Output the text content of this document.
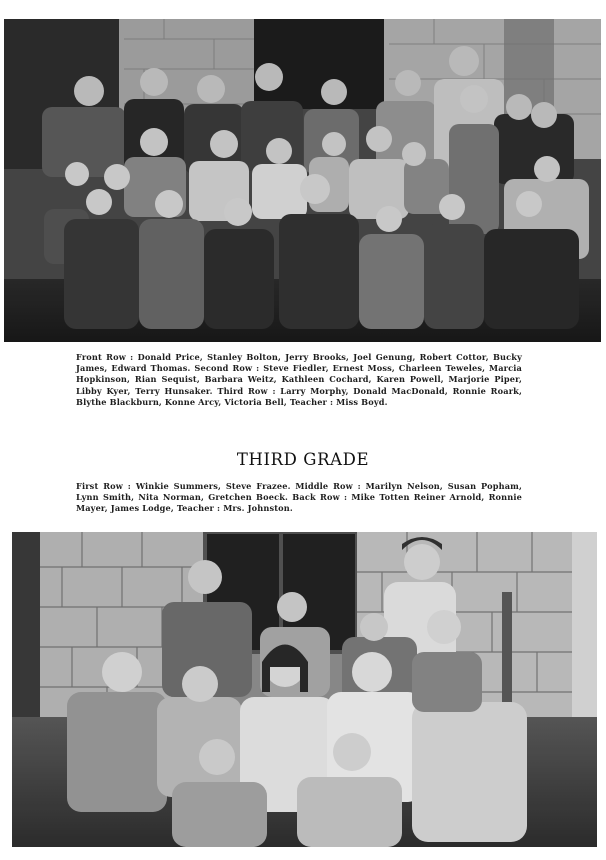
Front Row : Donald Price, Stanley Bolton, Jerry Brooks, Joel Genung, Robert Cottor, Bucky James, Edward Thomas. Second Row : Steve Fiedler, Ernest Moss, Charleen Teweles, Marcia Hopkinson, Rian Sequist, Barbara Weitz, Kathleen Cochard, Karen Powell, Marjorie Piper, Libby Kyer, Terry Hunsaker. Third Row : Larry Morphy, Donald MacDonald, Ronnie Roark, Blythe Blackburn, Konne Arcy, Victoria Bell, Teacher : Miss Boyd.
THIRD GRADE
First Row : Winkie Summers, Steve Frazee. Middle Row : Marilyn Nelson, Susan Popham, Lynn Smith, Nita Norman, Gretchen Boeck. Back Row : Mike Totten Reiner Arnold, Ronnie Mayer, James Lodge, Teacher : Mrs. Johnston.
